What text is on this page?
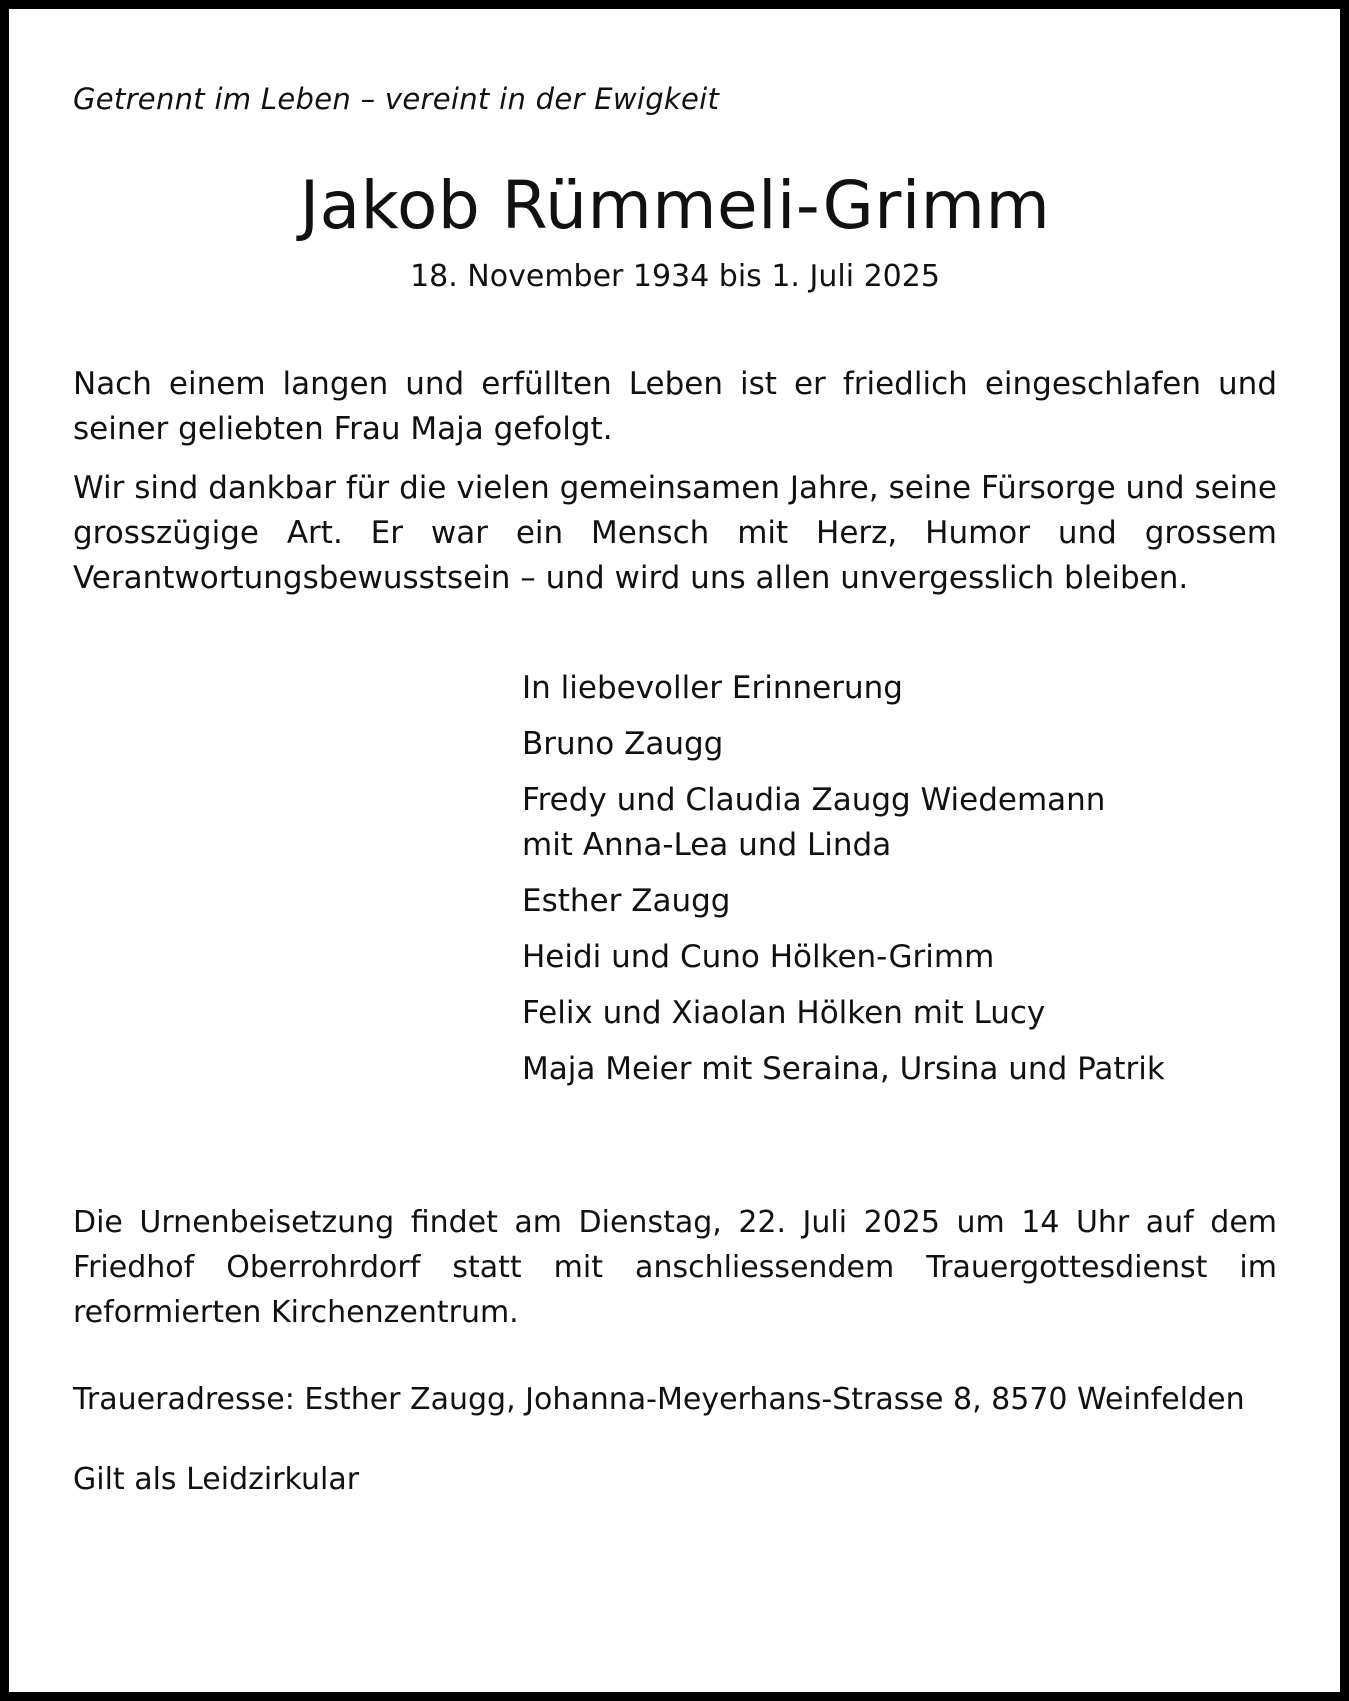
Getrennt im Leben – vereint in der Ewigkeit

Jakob Rümmeli-Grimm

18. November 1934 bis 1. Juli 2025

Nach einem langen und erfüllten Leben ist er friedlich eingeschlafen und seiner geliebten Frau Maja gefolgt.

Wir sind dankbar für die vielen gemeinsamen Jahre, seine Fürsorge und seine grosszügige Art. Er war ein Mensch mit Herz, Humor und grossem Verantwortungsbewusstsein – und wird uns allen unvergesslich bleiben.

In liebevoller Erinnerung
Bruno Zaugg
Fredy und Claudia Zaugg Wiedemann
mit Anna-Lea und Linda
Esther Zaugg
Heidi und Cuno Hölken-Grimm
Felix und Xiaolan Hölken mit Lucy
Maja Meier mit Seraina, Ursina und Patrik

Die Urnenbeisetzung findet am Dienstag, 22. Juli 2025 um 14 Uhr auf dem Friedhof Oberrohrdorf statt mit anschliessendem Trauergottesdienst im reformierten Kirchenzentrum.

Traueradresse: Esther Zaugg, Johanna-Meyerhans-Strasse 8, 8570 Weinfelden

Gilt als Leidzirkular
